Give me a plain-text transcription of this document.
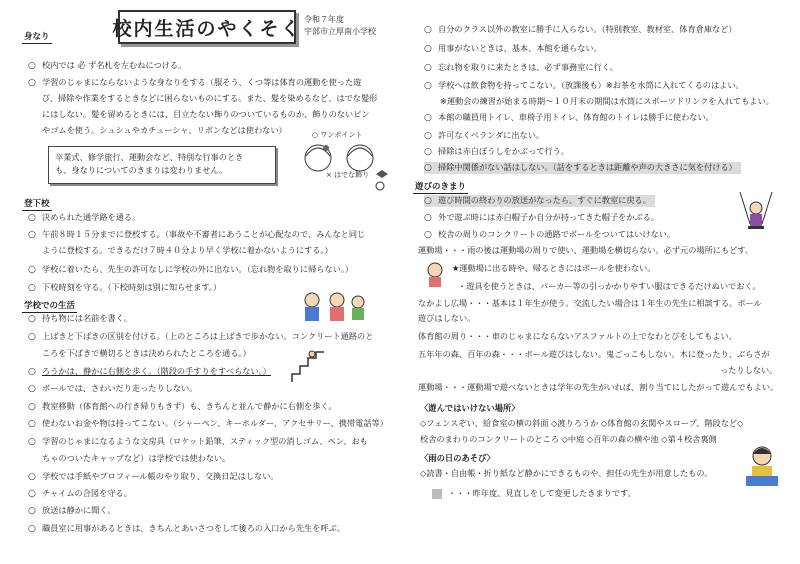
校内生活のやくそく 令和７年度
宇部市立厚南小学校
身なり
○ 校内では 必 ず名札を左むねにつける。
○ 学習のじゃまにならないような身なりをする（服そう、くつ等は体育の運動を使った遊
び、掃除や作業をするときなどに困らないものにする。また、髪を染めるなど、はでな髪形
にはしない。髪を留めるときには、目立たない飾りのついているものか、飾りのないピン
やゴムを使う。シュシュやカチューシャ、リボンなどは使わない）
卒業式、修学旅行、運動会など、特別な行事のとき
も、身なりについてのきまりは変わりません。
○ ワンポイント
× はでな飾り
登下校
○ 決められた通学路を通る。
○ 午前８時１５分までに登校する。（事故や不審者にあうことが心配なので、みんなと同じ
ように登校する。できるだけ７時４０分より早く学校に着かないようにする。）
○ 学校に着いたら、先生の許可なしに学校の外に出ない。（忘れ物を取りに帰らない。）
○ 下校時刻を守る。（下校時刻は別に知らせます。）
学校での生活
○ 持ち物には名前を書く。
○ 上ばきと下ばきの区別を付ける。（上のところは上ばきで歩かない。コンクリート通路のと
ころを下ばきで横切るときは決められたところを通る。）
○ ろうかは、静かに右側を歩く。（階段の手すりをすべらない。）
○ ボールでは、さわいだり走ったりしない。
○ 教室移動（体育館への行き帰りもきず）も、きちんと並んで静かに右側を歩く。
○ 使わないお金や物は持ってこない。（シャーペン、キーホルダー、アクセサリー、携帯電話等）
○ 学習のじゃまになるような文房具（ロケット鉛筆、スティック型の消しゴム、ペン、おも
ちゃのついたキャップなど）は学校では使わない。
○ 学校では手紙やプロフィール帳のやり取り、交換日記はしない。
○ チャイムの合図を守る。
○ 放送は静かに聞く。
○ 職員室に用事があるときは、きちんとあいさつをして後ろの入口から先生を呼ぶ。
○ 自分のクラス以外の教室に勝手に入らない。（特別教室、教材室、体育倉庫など）
○ 用事がないときは、基本、本館を通らない。
○ 忘れ物を取りに来たときは、必ず事務室に行く。
○ 学校へは飲食物を持ってこない。（放課後も）※お茶を水筒に入れてくるのはよい。
※運動会の練習が始まる時期～１０月末の期間は水筒にスポーツドリンクを入れてもよい。
○ 本館の職員用トイレ、車椅子用トイレ、体育館のトイレは勝手に使わない。
○ 許可なくベランダに出ない。
○ 掃除は赤白ぼうしをかぶって行う。
○ 掃除中関係がない話はしない。（話をするときは距離や声の大きさに気を付ける）
遊びのきまり
○ 遊び時間の終わりの放送がなったら、すぐに教室に戻る。
○ 外で遊ぶ時には赤白帽子か自分が持ってきた帽子をかぶる。
○ 校舎の周りのコンクリートの通路でボールをついてはいけない。
運動場・・・雨の後は運動場の周りで使い、運動場を横切らない。必ず元の場所にもどす。
★運動場に出る時や、帰るときにはボールを使わない。
・遊具を使うときは、パーカー等の引っかかりやすい服はできるだけぬいでおく。
なかよし広場・・・基本は１年生が使う。交流したい場合は１年生の先生に相談する。ボール
遊びはしない。
体育館の周り・・・車のじゃまにならないアスファルトの上でなわとびをしてもよい。
五年年の森、百年の森・・・ボール遊びはしない。鬼ごっこもしない。木に登ったり、ぶらさが
ったりしない。
運動場・・・運動場で遊べないときは学年の先生がいれば、割り当てにしたがって遊んでもよい。
〈遊んではいけない場所〉
◇フェンスぞい、給食室の横の斜面 ◇渡りろうか ◇体育館の玄関やスロープ、階段など◇
校舎のまわりのコンクリートのところ ◇中庭 ◇百年の森の横や池 ◇第４校舎裏側
〈雨の日のあそび〉
◇読書・自由帳・折り紙など静かにできるものや、担任の先生が用意したもの。
・・・昨年度、見直しをして変更したきまりです。
